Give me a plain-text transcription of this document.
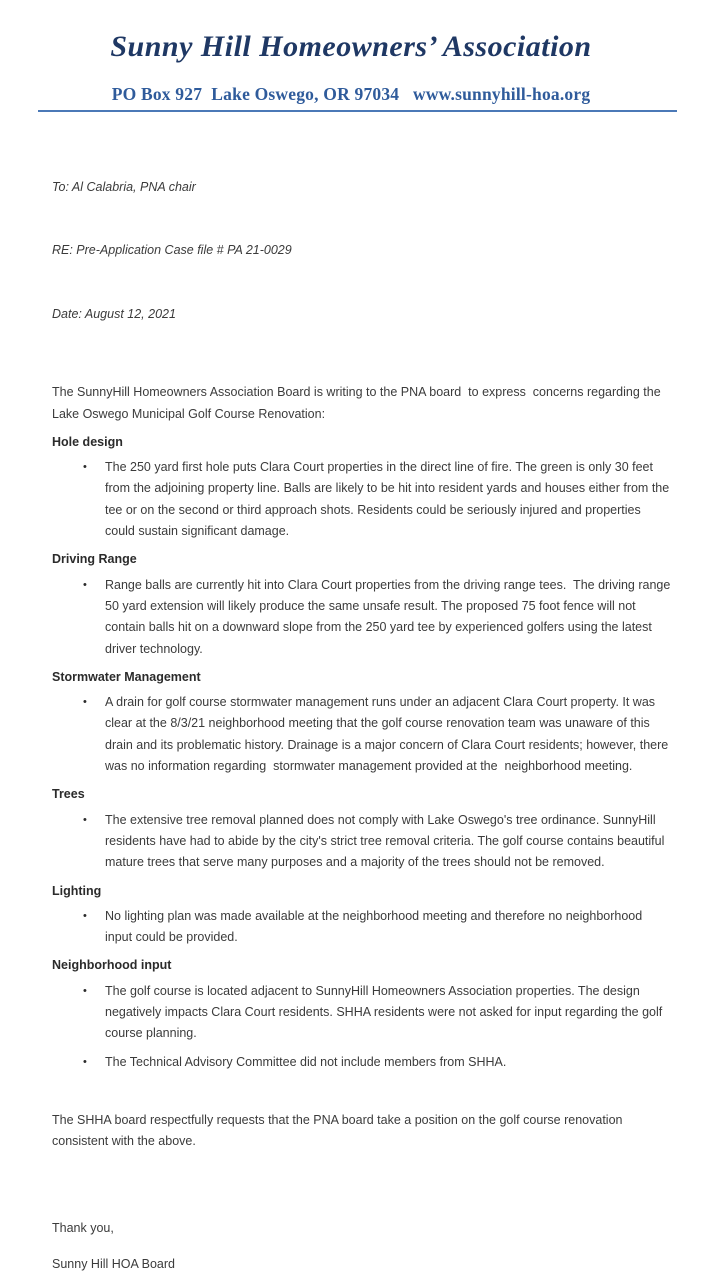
Sunny Hill Homeowners’ Association
PO Box 927  Lake Oswego, OR 97034   www.sunnyhill-hoa.org

To: Al Calabria, PNA chair

RE: Pre-Application Case file # PA 21-0029

Date: August 12, 2021

The SunnyHill Homeowners Association Board is writing to the PNA board  to express  concerns regarding the Lake Oswego Municipal Golf Course Renovation:
Hole design
•	The 250 yard first hole puts Clara Court properties in the direct line of fire. The green is only 30 feet from the adjoining property line. Balls are likely to be hit into resident yards and houses either from the tee or on the second or third approach shots. Residents could be seriously injured and properties could sustain significant damage.
Driving Range
•	Range balls are currently hit into Clara Court properties from the driving range tees.  The driving range 50 yard extension will likely produce the same unsafe result. The proposed 75 foot fence will not contain balls hit on a downward slope from the 250 yard tee by experienced golfers using the latest driver technology.
Stormwater Management
•	A drain for golf course stormwater management runs under an adjacent Clara Court property. It was clear at the 8/3/21 neighborhood meeting that the golf course renovation team was unaware of this drain and its problematic history. Drainage is a major concern of Clara Court residents; however, there was no information regarding  stormwater management provided at the  neighborhood meeting.
Trees
•	The extensive tree removal planned does not comply with Lake Oswego's tree ordinance. SunnyHill residents have had to abide by the city's strict tree removal criteria. The golf course contains beautiful mature trees that serve many purposes and a majority of the trees should not be removed.
Lighting
•	No lighting plan was made available at the neighborhood meeting and therefore no neighborhood input could be provided.
Neighborhood input
•	The golf course is located adjacent to SunnyHill Homeowners Association properties. The design negatively impacts Clara Court residents. SHHA residents were not asked for input regarding the golf course planning.
•	The Technical Advisory Committee did not include members from SHHA.
The SHHA board respectfully requests that the PNA board take a position on the golf course renovation consistent with the above.
Thank you,
Sunny Hill HOA Board
